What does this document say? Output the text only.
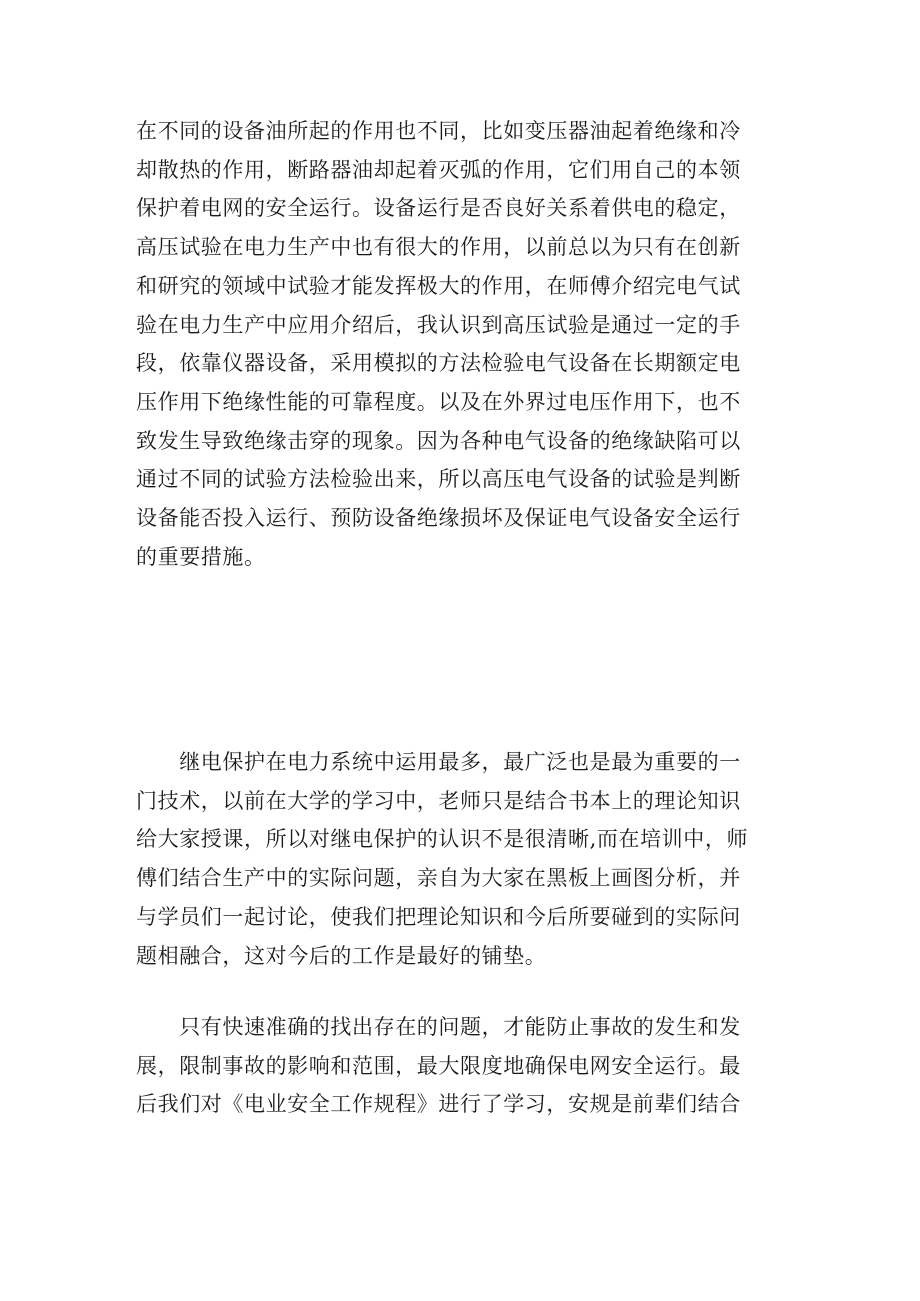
在不同的设备油所起的作用也不同，比如变压器油起着绝缘和冷
却散热的作用，断路器油却起着灭弧的作用，它们用自己的本领
保护着电网的安全运行。设备运行是否良好关系着供电的稳定，
高压试验在电力生产中也有很大的作用，以前总以为只有在创新
和研究的领域中试验才能发挥极大的作用，在师傅介绍完电气试
验在电力生产中应用介绍后，我认识到高压试验是通过一定的手
段，依靠仪器设备，采用模拟的方法检验电气设备在长期额定电
压作用下绝缘性能的可靠程度。以及在外界过电压作用下，也不
致发生导致绝缘击穿的现象。因为各种电气设备的绝缘缺陷可以
通过不同的试验方法检验出来，所以高压电气设备的试验是判断
设备能否投入运行、预防设备绝缘损坏及保证电气设备安全运行
的重要措施。

　　继电保护在电力系统中运用最多，最广泛也是最为重要的一
门技术，以前在大学的学习中，老师只是结合书本上的理论知识
给大家授课，所以对继电保护的认识不是很清晰,而在培训中，师
傅们结合生产中的实际问题，亲自为大家在黑板上画图分析，并
与学员们一起讨论，使我们把理论知识和今后所要碰到的实际问
题相融合，这对今后的工作是最好的铺垫。

　　只有快速准确的找出存在的问题，才能防止事故的发生和发
展，限制事故的影响和范围，最大限度地确保电网安全运行。最
后我们对《电业安全工作规程》进行了学习，安规是前辈们结合
